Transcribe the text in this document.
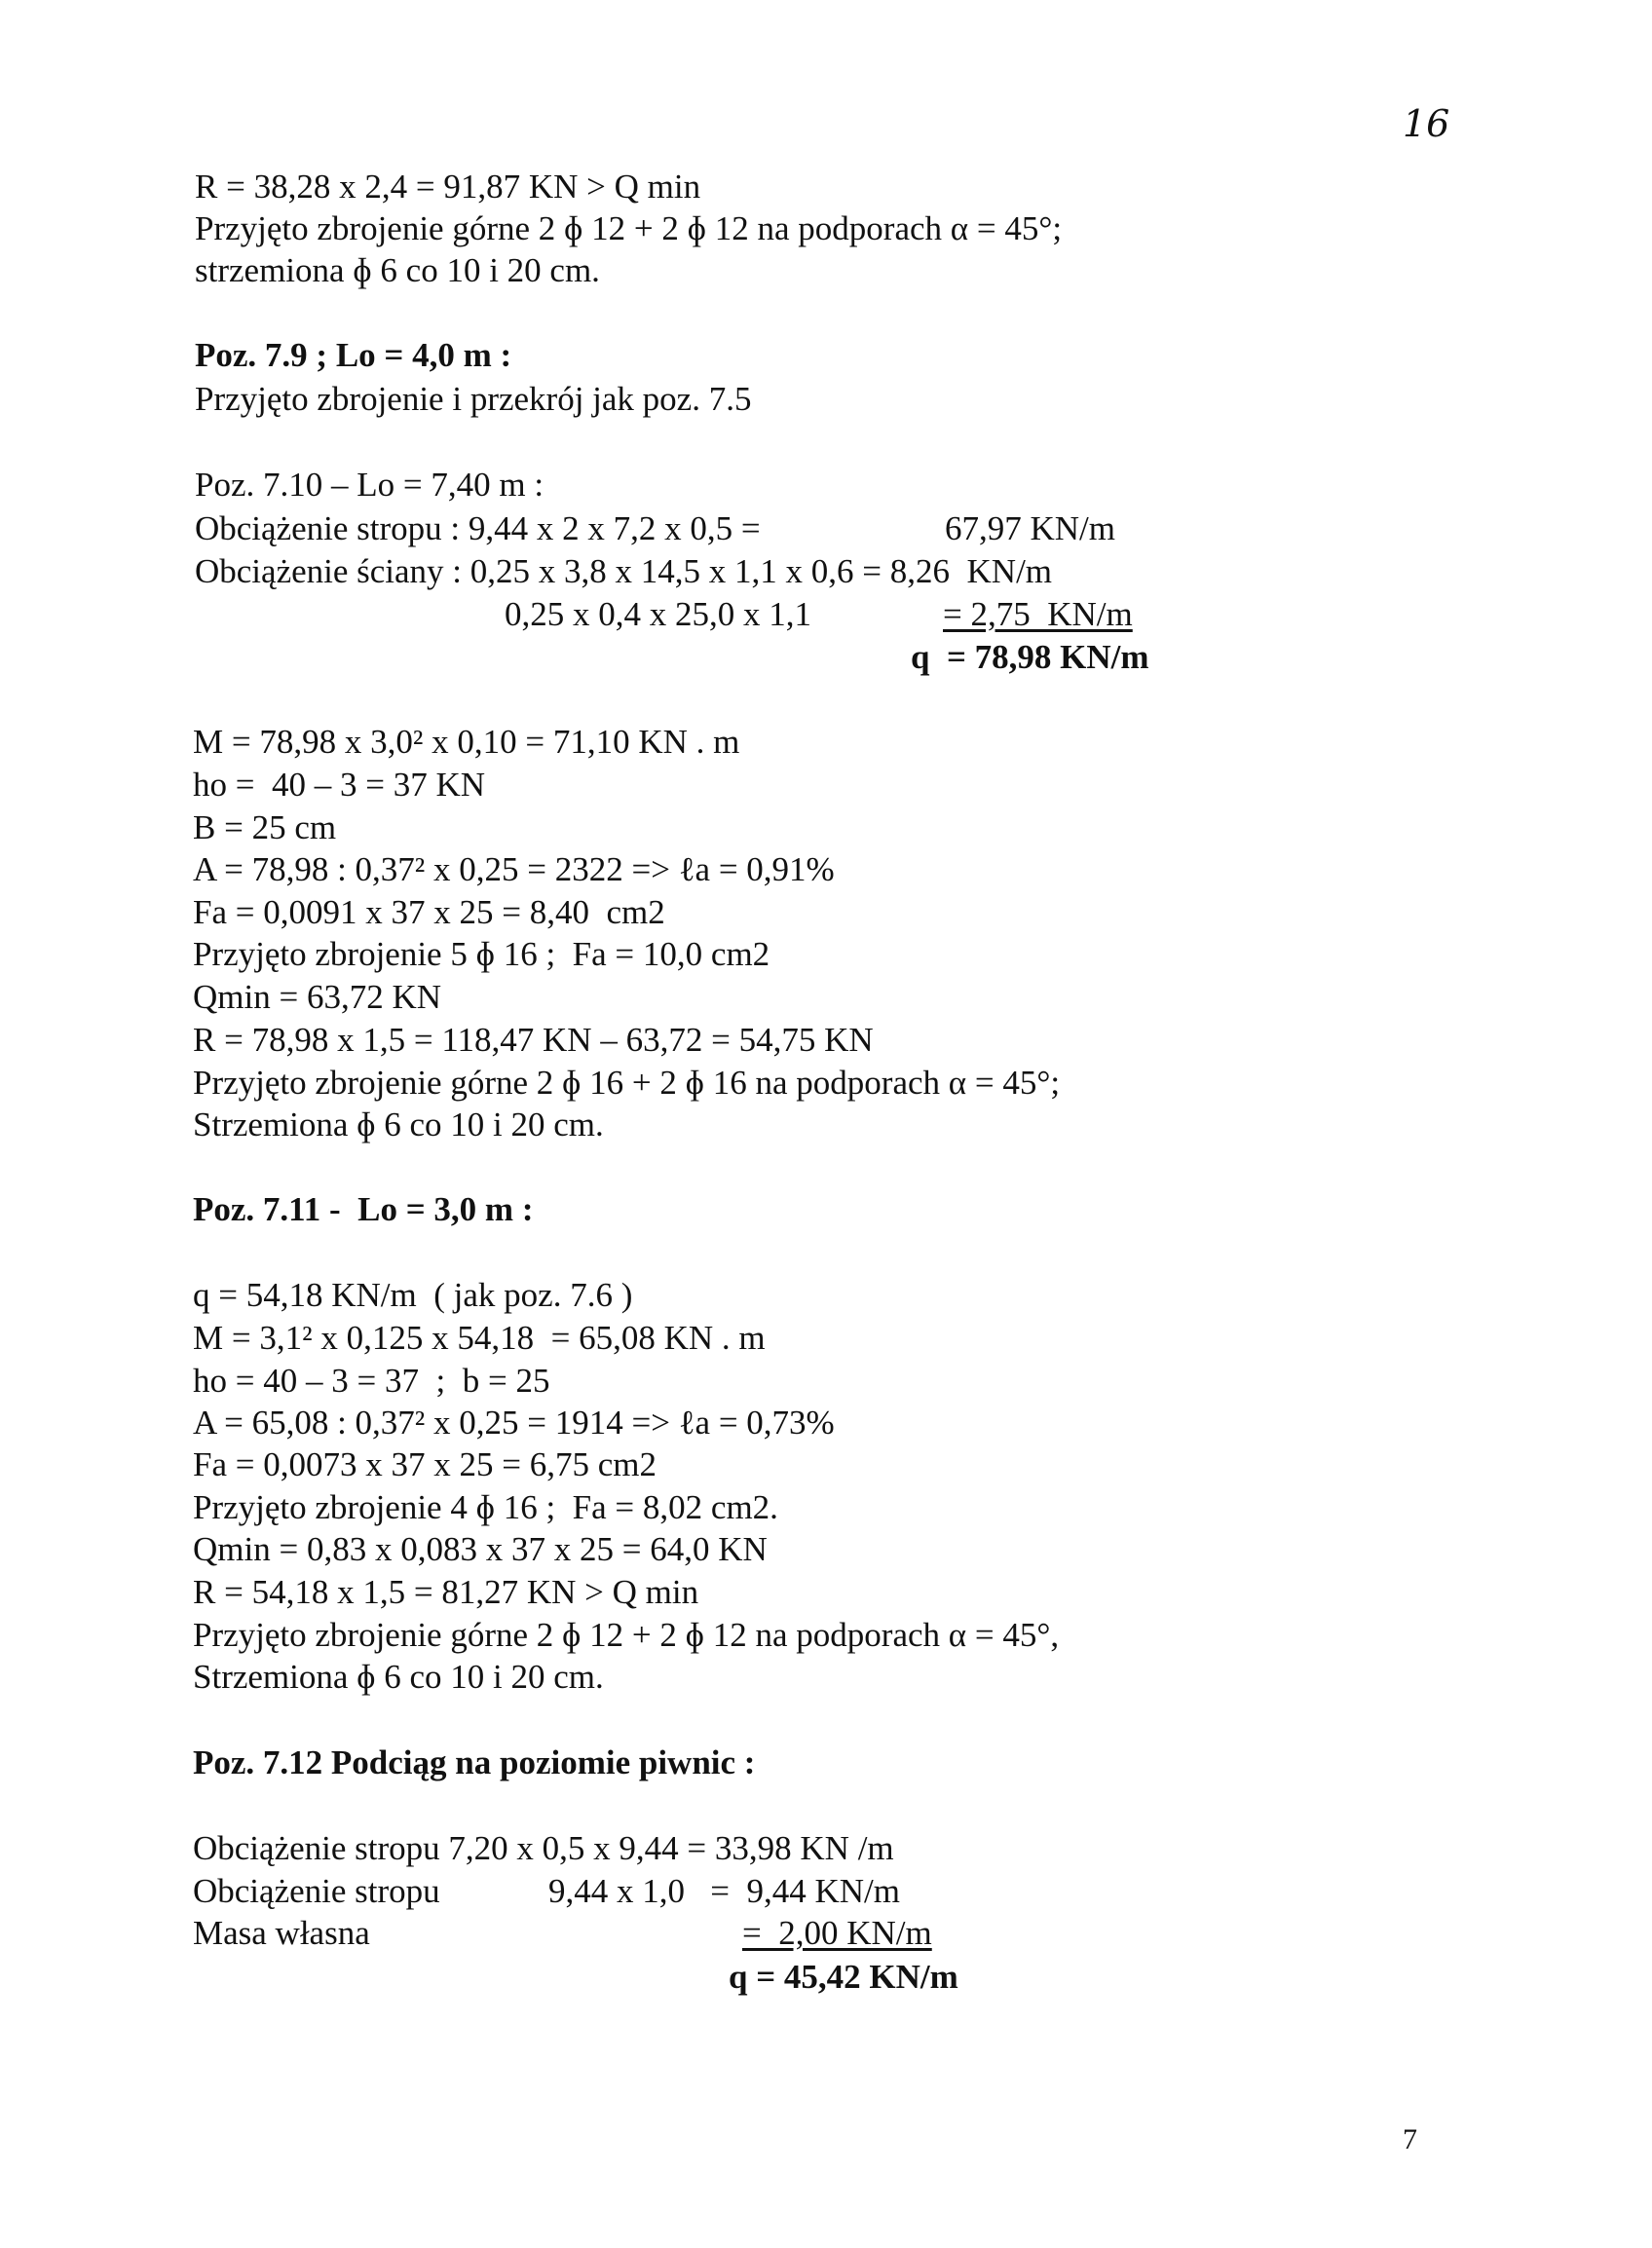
16
R = 38,28 x 2,4 = 91,87 KN > Q min
Przyjęto zbrojenie górne 2 ɸ 12 + 2 ɸ 12 na podporach α = 45°;
strzemiona ɸ 6 co 10 i 20 cm.
Poz. 7.9 ; Lo = 4,0 m :
Przyjęto zbrojenie i przekrój jak poz. 7.5
Poz. 7.10 – Lo = 7,40 m :
Obciążenie stropu : 9,44 x 2 x 7,2 x 0,5 =	67,97 KN/m
Obciążenie ściany : 0,25 x 3,8 x 14,5 x 1,1 x 0,6 = 8,26  KN/m
0,25 x 0,4 x 25,0 x 1,1	= 2,75  KN/m
q  = 78,98 KN/m
M = 78,98 x 3,0² x 0,10 = 71,10 KN . m
ho =  40 – 3 = 37 KN
B = 25 cm
A = 78,98 : 0,37² x 0,25 = 2322 => ℓa = 0,91%
Fa = 0,0091 x 37 x 25 = 8,40  cm2
Przyjęto zbrojenie 5 ɸ 16 ;  Fa = 10,0 cm2
Qmin = 63,72 KN
R = 78,98 x 1,5 = 118,47 KN – 63,72 = 54,75 KN
Przyjęto zbrojenie górne 2 ɸ 16 + 2 ɸ 16 na podporach α = 45°;
Strzemiona ɸ 6 co 10 i 20 cm.
Poz. 7.11 -  Lo = 3,0 m :
q = 54,18 KN/m  ( jak poz. 7.6 )
M = 3,1² x 0,125 x 54,18  = 65,08 KN . m
ho = 40 – 3 = 37  ;  b = 25
A = 65,08 : 0,37² x 0,25 = 1914 => ℓa = 0,73%
Fa = 0,0073 x 37 x 25 = 6,75 cm2
Przyjęto zbrojenie 4 ɸ 16 ;  Fa = 8,02 cm2.
Qmin = 0,83 x 0,083 x 37 x 25 = 64,0 KN
R = 54,18 x 1,5 = 81,27 KN > Q min
Przyjęto zbrojenie górne 2 ɸ 12 + 2 ɸ 12 na podporach α = 45°,
Strzemiona ɸ 6 co 10 i 20 cm.
Poz. 7.12 Podciąg na poziomie piwnic :
Obciążenie stropu 7,20 x 0,5 x 9,44 = 33,98 KN /m
Obciążenie stropu	9,44 x 1,0   =  9,44 KN/m
Masa własna	=  2,00 KN/m
q = 45,42 KN/m
7
